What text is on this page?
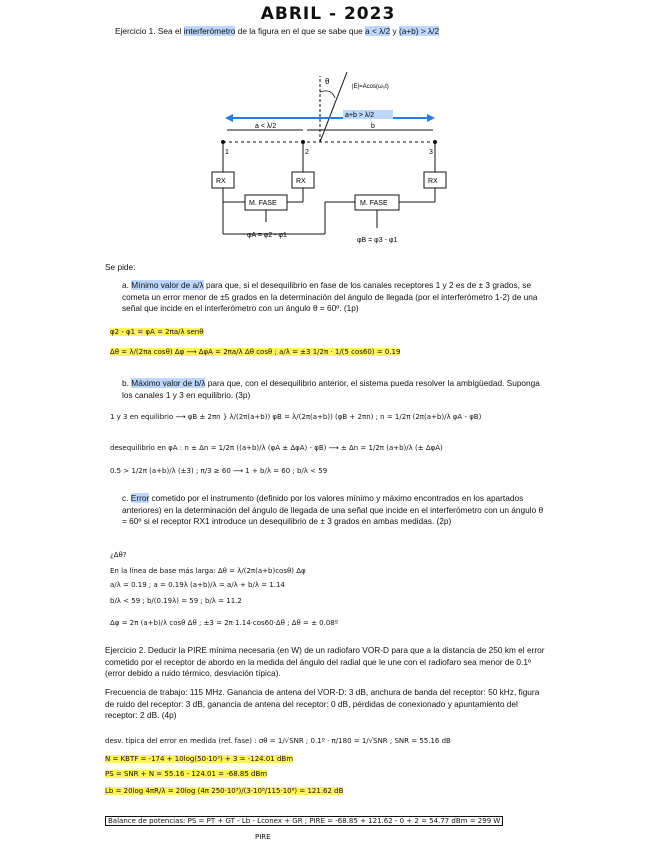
ABRIL - 2023
Ejercicio 1. Sea el interferómetro de la figura en el que se sabe que a < λ/2 y (a+b) > λ/2
θ
|E|=Acos(ω₀t)
a+b > λ/2
a < λ/2	b
1	2	3
RX	RX	RX
M. FASE	M. FASE
φA = φ2 - φ1
φB = φ3 - φ1
Se pide:
a. Mínimo valor de a/λ para que, si el desequilibrio en fase de los canales receptores 1 y 2 es de ± 3 grados, se cometa un error menor de ±5 grados en la determinación del ángulo de llegada (por el interferómetro 1-2) de una señal que incide en el interferómetro con un ángulo θ = 60º. (1p)
φ2 - φ1 = φA = 2πa/λ senθ
Δθ = λ/(2πa cosθ) Δφ ⟶ ΔφA = 2πa/λ Δθ cosθ ; a/λ = ±3 1/2π · 1/(5 cos60) = 0.19
b. Máximo valor de b/λ para que, con el desequilibrio anterior, el sistema pueda resolver la ambigüedad. Suponga los canales 1 y 3 en equilibrio. (3p)
1 y 3 en equilibrio ⟶ φB ± 2πn } λ/(2π(a+b)) φB = λ/(2π(a+b)) (φB + 2πn) ; n = 1/2π (2π(a+b)/λ φA - φB)
desequilibrio en φA : n ± Δn = 1/2π ((a+b)/λ (φA ± ΔφA) - φB) ⟶ ± Δn = 1/2π (a+b)/λ (± ΔφA)
0.5 > 1/2π (a+b)/λ (±3) ; π/3 ≥ 60 ⟶ 1 + b/λ = 60 ; b/λ < 59
c. Error cometido por el instrumento (definido por los valores mínimo y máximo encontrados en los apartados anteriores) en la determinación del ángulo de llegada de una señal que incide en el interferómetro con un ángulo θ = 60º si el receptor RX1 introduce un desequilibrio de ± 3 grados en ambas medidas. (2p)
¿Δθ?
En la línea de base más larga: Δθ = λ/(2π(a+b)cosθ) Δφ
a/λ = 0.19 ; a = 0.19λ (a+b)/λ = a/λ + b/λ = 1.14
b/λ < 59 ; b/(0.19λ) = 59 ; b/λ = 11.2
Δφ = 2π (a+b)/λ cosθ Δθ ; ±3 = 2π·1.14·cos60·Δθ ; Δθ = ± 0.08º
Ejercicio 2. Deducir la PIRE mínima necesaria (en W) de un radiofaro VOR-D para que a la distancia de 250 km el error cometido por el receptor de abordo en la medida del ángulo del radial que le une con el radiofaro sea menor de 0.1º (error debido a ruido térmico, desviación típica).
Frecuencia de trabajo: 115 MHz. Ganancia de antena del VOR-D: 3 dB, anchura de banda del receptor: 50 kHz, figura de ruido del receptor: 3 dB, ganancia de antena del receptor: 0 dB, pérdidas de conexionado y apuntamiento del receptor: 2 dB. (4p)
desv. típica del error en medida (ref. fase) : σθ = 1/√SNR ; 0.1º · π/180 = 1/√SNR ; SNR = 55.16 dB
N = KBTF = -174 + 10log(50·10³) + 3 = -124.01 dBm
PS = SNR + N = 55.16 - 124.01 = -68.85 dBm
Lb = 20log 4πR/λ = 20log (4π 250·10³)/(3·10⁸/115·10⁶) = 121.62 dB
Balance de potencias: PS = PT + GT - Lb - Lconex + GR ; PIRE = -68.85 + 121.62 - 0 + 2 = 54.77 dBm = 299 W
PIRE
